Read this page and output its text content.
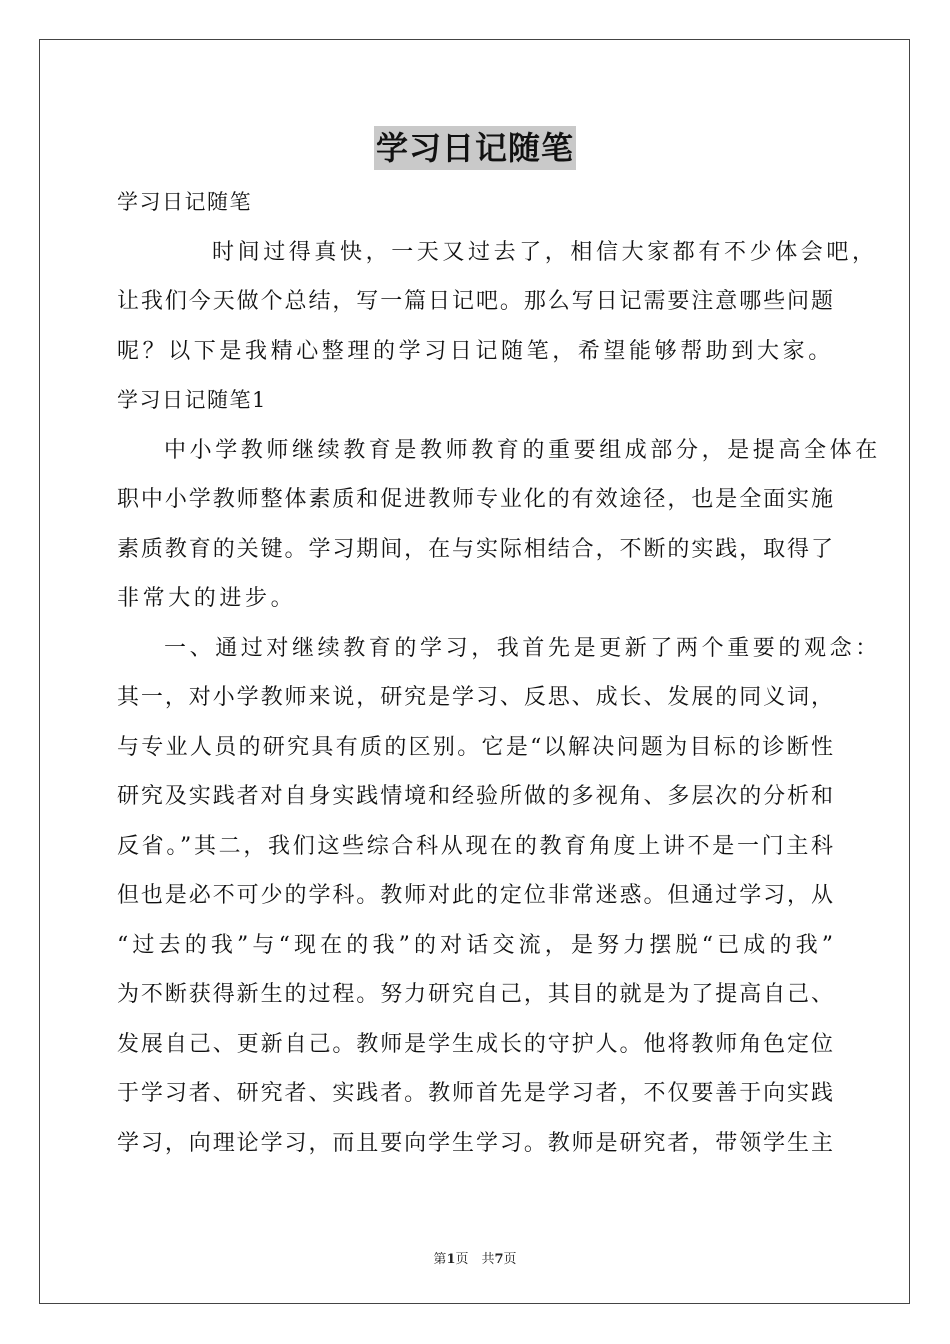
学习日记随笔
学习日记随笔
时间过得真快，一天又过去了，相信大家都有不少体会吧，
让我们今天做个总结，写一篇日记吧。那么写日记需要注意哪些问题
呢？以下是我精心整理的学习日记随笔，希望能够帮助到大家。
学习日记随笔1
中小学教师继续教育是教师教育的重要组成部分，是提高全体在
职中小学教师整体素质和促进教师专业化的有效途径，也是全面实施
素质教育的关键。学习期间，在与实际相结合，不断的实践，取得了
非常大的进步。
一、通过对继续教育的学习，我首先是更新了两个重要的观念：
其一，对小学教师来说，研究是学习、反思、成长、发展的同义词，
与专业人员的研究具有质的区别。它是“以解决问题为目标的诊断性
研究及实践者对自身实践情境和经验所做的多视角、多层次的分析和
反省。”其二，我们这些综合科从现在的教育角度上讲不是一门主科
但也是必不可少的学科。教师对此的定位非常迷惑。但通过学习，从
“过去的我”与“现在的我”的对话交流，是努力摆脱“已成的我”
为不断获得新生的过程。努力研究自己，其目的就是为了提高自己、
发展自己、更新自己。教师是学生成长的守护人。他将教师角色定位
于学习者、研究者、实践者。教师首先是学习者，不仅要善于向实践
学习，向理论学习，而且要向学生学习。教师是研究者，带领学生主
第1页　共7页
